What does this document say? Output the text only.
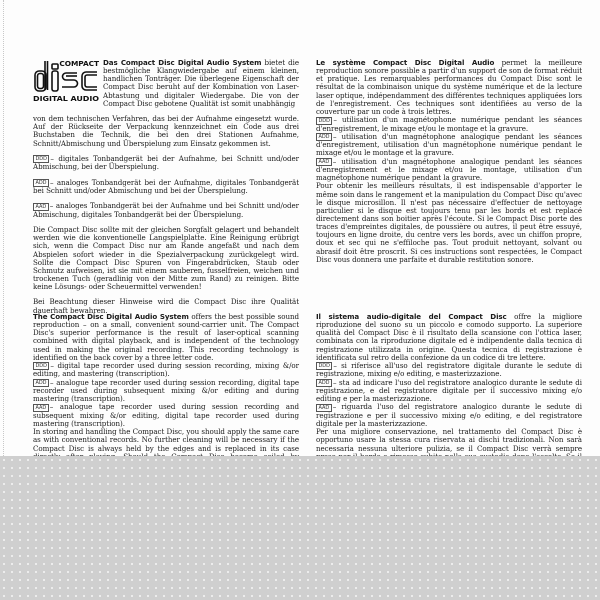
COMPACT
DIGITAL AUDIO
Das Compact Disc Digital Audio System bietet die bestmögliche Klangwiedergabe auf einem kleinen, handlichen Tonträger. Die überlegene Eigenschaft der Compact Disc beruht auf der Kombination von Laser-Abtastung und digitaler Wiedergabe. Die von der Compact Disc gebotene Qualität ist somit unabhängig

von dem technischen Verfahren, das bei der Aufnahme eingesetzt wurde. Auf der Rückseite der Verpackung kennzeichnet ein Code aus drei Buchstaben die Technik, die bei den drei Stationen Aufnahme, Schnitt/Abmischung und Überspielung zum Einsatz gekommen ist.

DDD – digitales Tonbandgerät bei der Aufnahme, bei Schnitt und/oder Abmischung, bei der Überspielung.

ADD – analoges Tonbandgerät bei der Aufnahme, digitales Tonbandgerät bei Schnitt und/oder Abmischung und bei der Überspielung.

AAD – analoges Tonbandgerät bei der Aufnahme und bei Schnitt und/oder Abmischung, digitales Tonbandgerät bei der Überspielung.

Die Compact Disc sollte mit der gleichen Sorgfalt gelagert und behandelt werden wie die konventionelle Langspielplatte. Eine Reinigung erübrigt sich, wenn die Compact Disc nur am Rande angefaßt und nach dem Abspielen sofort wieder in die Spezialverpackung zurückgelegt wird. Sollte die Compact Disc Spuren von Fingerabdrücken, Staub oder Schmutz aufweisen, ist sie mit einem sauberen, fusselfreien, weichen und trockenen Tuch (geradlinig von der Mitte zum Rand) zu reinigen. Bitte keine Lösungs- oder Scheuermittel verwenden!

Bei Beachtung dieser Hinweise wird die Compact Disc ihre Qualität dauerhaft bewahren.

The Compact Disc Digital Audio System offers the best possible sound reproduction – on a small, convenient sound-carrier unit. The Compact Disc's superior performance is the result of laser-optical scanning combined with digital playback, and is independent of the technology used in making the original recording. This recording technology is identified on the back cover by a three letter code.

DDD – digital tape recorder used during session recording, mixing &/or editing, and mastering (transcription).

ADD – analogue tape recorder used during session recording, digital tape recorder used during subsequent mixing &/or editing and during mastering (transcription).

AAD – analogue tape recorder used during session recording and subsequent mixing &/or editing, digital tape recorder used during mastering (transcription).

In storing and handling the Compact Disc, you should apply the same care as with conventional records. No further cleaning will be necessary if the Compact Disc is always held by the edges and is replaced in its case

Le système Compact Disc Digital Audio permet la meilleure reproduction sonore possible a partir d'un support de son de format réduit et pratique. Les remarquables performances du Compact Disc sont le résultat de la combinaison unique du système numérique et de la lecture laser optique, indépendamment des différentes techniques appliquées lors de l'enregistrement. Ces techniques sont identifiées au verso de la couverture par un code à trois lettres.

DDD – utilisation d'un magnétophone numérique pendant les séances d'enregistrement, le mixage et/ou le montage et la gravure.

ADD – utilisation d'un magnétophone analogique pendant les séances d'enregistrement, utilisation d'un magnétophone numérique pendant le mixage et/ou le montage et la gravure.

AAD – utilisation d'un magnétophone analogique pendant les séances d'enregistrement et le mixage et/ou le montage, utilisation d'un magnétophone numérique pendant la gravure.

Pour obtenir les meilleurs résultats, il est indispensable d'apporter le même soin dans le rangement et la manipulation du Compact Disc qu'avec le disque microsillon. Il n'est pas nécessaire d'effectuer de nettoyage particulier si le disque est toujours tenu par les bords et est replacé directement dans son boitier après l'écoute. Si le Compact Disc porte des traces d'empreintes digitales, de poussière ou autres, il peut être essuyé, toujours en ligne droite, du centre vers les bords, avec un chiffon propre, doux et sec qui ne s'effiloche pas. Tout produit nettoyant, solvant ou abrasif doit être proscrit. Si ces instructions sont respectées, le Compact Disc vous donnera une parfaite et durable restitution sonore.

Il sistema audio-digitale del Compact Disc offre la migliore riproduzione del suono su un piccolo e comodo supporto. La superiore qualità del Compact Disc è il risultato della scansione con l'ottica laser, combinata con la riproduzione digitale ed è indipendente dalla tecnica di registrazione utilizzata in origine. Questa tecnica di registrazione è identificata sul retro della confezione da un codice di tre lettere.

DDD – si riferisce all'uso del registratore digitale durante le sedute di registrazione, mixing e/o editing, e masterizzazione.

ADD – sta ad indicare l'uso del registratore analogico durante le sedute di registrazione, e del registratore digitale per il successivo mixing e/o editing e per la masterizzazione.

AAD – riguarda l'uso del registratore analogico durante le sedute di registrazione e per il successivo mixing e/o editing, e del registratore digitale per la masterizzazione.

Per una migliore conservazione, nel trattamento del Compact Disc è opportuno usare la stessa cura riservata ai dischi tradizionali. Non sarà necessaria nessuna ulteriore pulizia, se il Compact Disc verrà sempre
